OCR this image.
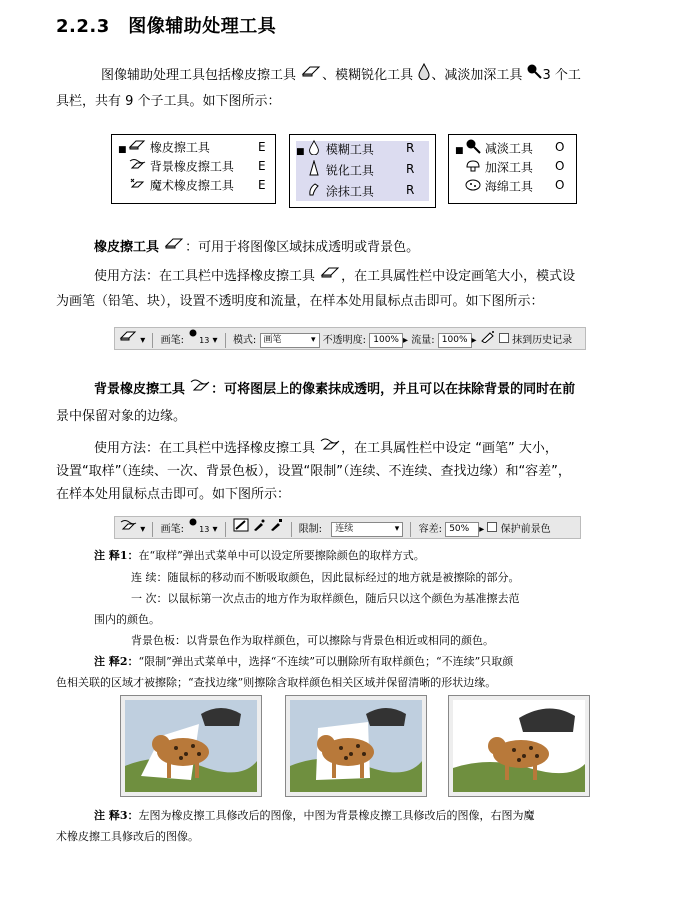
2.2.3　图像辅助处理工具
图像辅助处理工具包括橡皮擦工具 、模糊锐化工具 、减淡加深工具 3 个工
具栏，共有 9 个子工具。如下图所示：
■ 橡皮擦工具	E
背景橡皮擦工具 E
魔术橡皮擦工具 E
■ 模糊工具	R
锐化工具	R
涂抹工具	R
■ 减淡工具 O
加深工具 O
海绵工具 O
橡皮擦工具 ：可用于将图像区域抹成透明或背景色。
使用方法：在工具栏中选择橡皮擦工具 ，在工具属性栏中设定画笔大小，模式设
为画笔（铅笔、块），设置不透明度和流量，在样本处用鼠标点击即可。如下图所示：
▾ 画笔: 13 ▾ 模式: 画笔	▾ 不透明度: 100% ▸ 流量: 100% ▸	抹到历史记录
背景橡皮擦工具 ：可将图层上的像素抹成透明，并且可以在抹除背景的同时在前
景中保留对象的边缘。
使用方法：在工具栏中选择橡皮擦工具 ，在工具属性栏中设定 “画笔” 大小，
设置“取样”（连续、一次、背景色板），设置“限制”（连续、不连续、查找边缘）和“容差”，
在样本处用鼠标点击即可。如下图所示：
▾ 画笔: 13 ▾	限制: 连续	▾ 容差: 50% ▸ 保护前景色
注 释1：在“取样”弹出式菜单中可以设定所要擦除颜色的取样方式。
连 续：随鼠标的移动而不断吸取颜色，因此鼠标经过的地方就是被擦除的部分。
一 次：以鼠标第一次点击的地方作为取样颜色，随后只以这个颜色为基准擦去范
围内的颜色。
背景色板：以背景色作为取样颜色，可以擦除与背景色相近或相同的颜色。
注 释2：“限制”弹出式菜单中，选择“不连续”可以删除所有取样颜色；“不连续”只取颜
色相关联的区域才被擦除；“查找边缘”则擦除含取样颜色相关区域并保留清晰的形状边缘。
注 释3：左图为橡皮擦工具修改后的图像，中图为背景橡皮擦工具修改后的图像，右图为魔
术橡皮擦工具修改后的图像。
